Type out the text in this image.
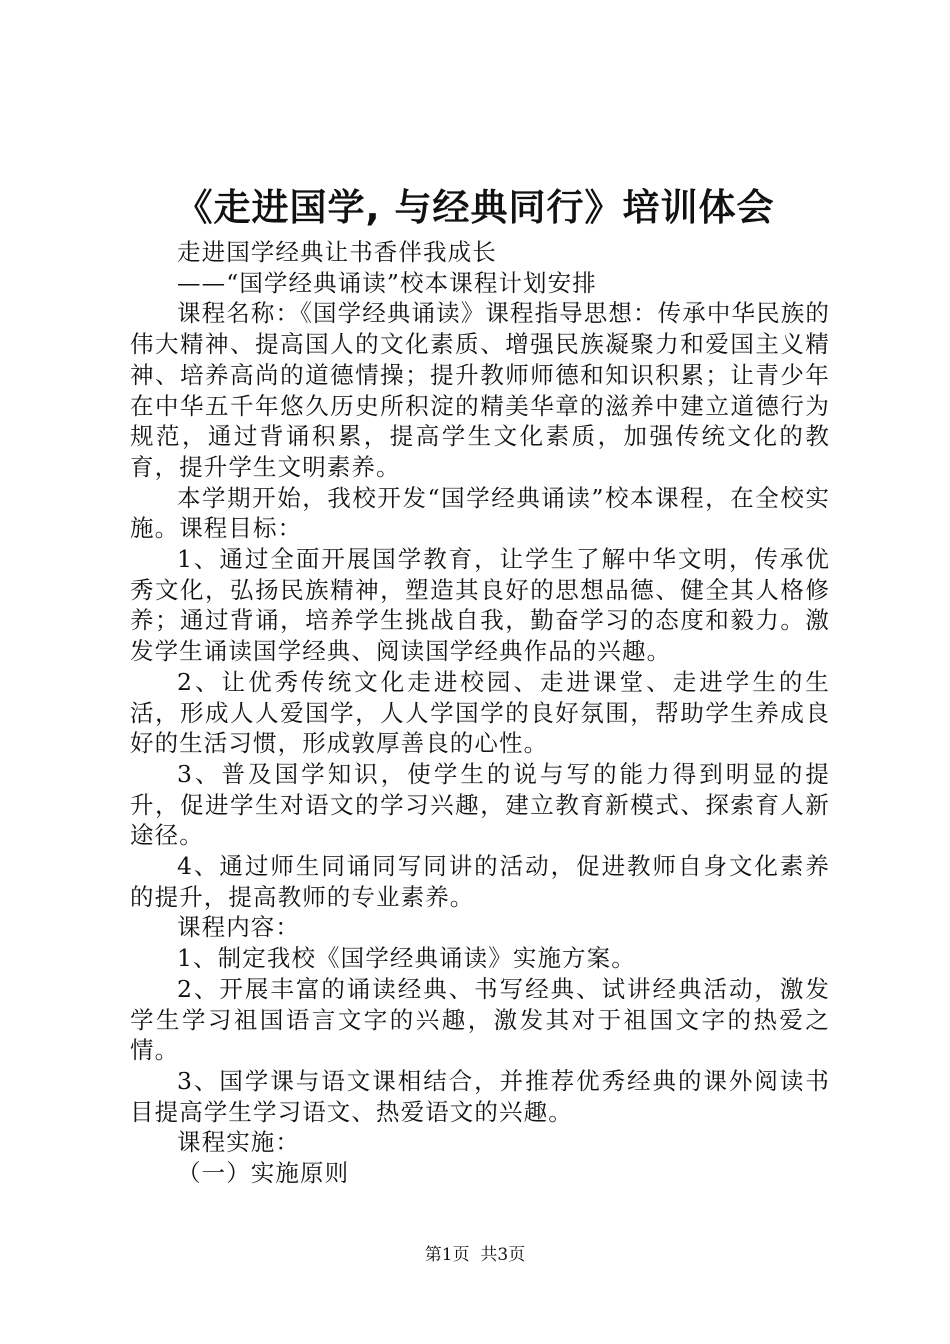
《走进国学, 与经典同行》培训体会

走进国学经典让书香伴我成长

——“国学经典诵读”校本课程计划安排

课程名称：《国学经典诵读》课程指导思想：传承中华民族的伟大精神、提高国人的文化素质、增强民族凝聚力和爱国主义精神、培养高尚的道德情操；提升教师师德和知识积累；让青少年在中华五千年悠久历史所积淀的精美华章的滋养中建立道德行为规范，通过背诵积累，提高学生文化素质，加强传统文化的教育，提升学生文明素养。

本学期开始，我校开发“国学经典诵读”校本课程，在全校实施。课程目标：

1、通过全面开展国学教育，让学生了解中华文明，传承优秀文化，弘扬民族精神，塑造其良好的思想品德、健全其人格修养；通过背诵，培养学生挑战自我，勤奋学习的态度和毅力。激发学生诵读国学经典、阅读国学经典作品的兴趣。

2、让优秀传统文化走进校园、走进课堂、走进学生的生活，形成人人爱国学，人人学国学的良好氛围，帮助学生养成良好的生活习惯，形成敦厚善良的心性。

3、普及国学知识，使学生的说与写的能力得到明显的提升，促进学生对语文的学习兴趣，建立教育新模式、探索育人新途径。

4、通过师生同诵同写同讲的活动，促进教师自身文化素养的提升，提高教师的专业素养。

课程内容：

1、制定我校《国学经典诵读》实施方案。

2、开展丰富的诵读经典、书写经典、试讲经典活动，激发学生学习祖国语言文字的兴趣，激发其对于祖国文字的热爱之情。

3、国学课与语文课相结合，并推荐优秀经典的课外阅读书目提高学生学习语文、热爱语文的兴趣。

课程实施：

（一）实施原则

第1页 共3页
